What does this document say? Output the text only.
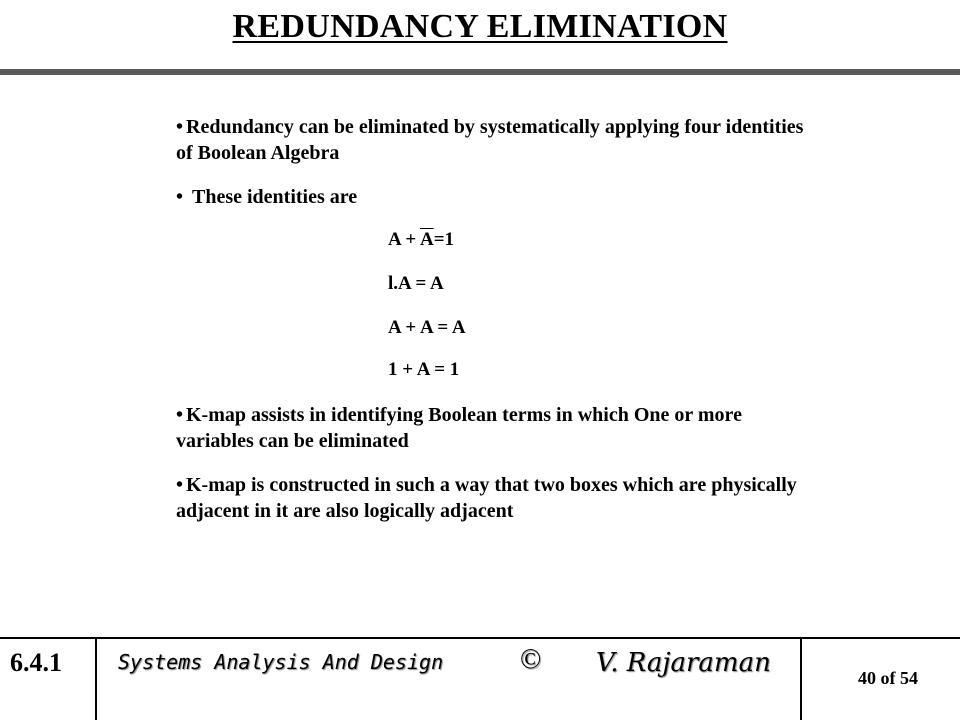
REDUNDANCY ELIMINATION
• Redundancy can be eliminated by systematically applying four identities of Boolean Algebra
• These identities are
$A + \overline{A}=1$
l.A = A
A + A = A
1 + A = 1
• K-map assists in identifying Boolean terms in which One or more variables can be eliminated
• K-map is constructed in such a way that two boxes which are physically adjacent in it are also logically adjacent
6.4.1	Systems Analysis And Design	© V. Rajaraman	40 of 54
